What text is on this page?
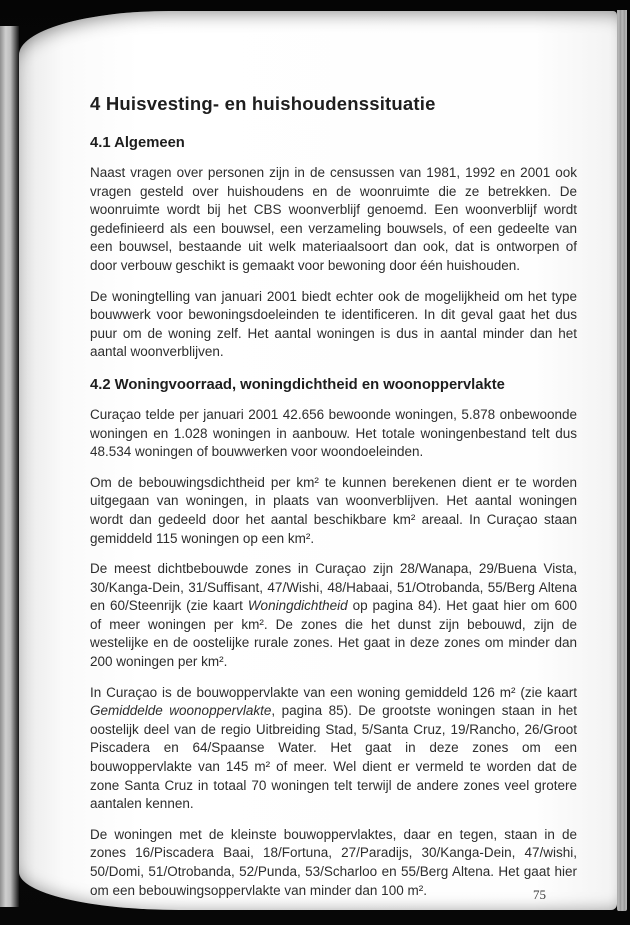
4 Huisvesting- en huishoudenssituatie
4.1 Algemeen

Naast vragen over personen zijn in de censussen van 1981, 1992 en 2001 ook vragen gesteld over huishoudens en de woonruimte die ze betrekken. De woonruimte wordt bij het CBS woonverblijf genoemd. Een woonverblijf wordt gedefinieerd als een bouwsel, een verzameling bouwsels, of een gedeelte van een bouwsel, bestaande uit welk materiaalsoort dan ook, dat is ontworpen of door verbouw geschikt is gemaakt voor bewoning door één huishouden.

De woningtelling van januari 2001 biedt echter ook de mogelijkheid om het type bouwwerk voor bewoningsdoeleinden te identificeren. In dit geval gaat het dus puur om de woning zelf. Het aantal woningen is dus in aantal minder dan het aantal woonverblijven.

4.2 Woningvoorraad, woningdichtheid en woonoppervlakte

Curaçao telde per januari 2001 42.656 bewoonde woningen, 5.878 onbewoonde woningen en 1.028 woningen in aanbouw. Het totale woningenbestand telt dus 48.534 woningen of bouwwerken voor woondoeleinden.

Om de bebouwingsdichtheid per km² te kunnen berekenen dient er te worden uitgegaan van woningen, in plaats van woonverblijven. Het aantal woningen wordt dan gedeeld door het aantal beschikbare km² areaal. In Curaçao staan gemiddeld 115 woningen op een km².

De meest dichtbebouwde zones in Curaçao zijn 28/Wanapa, 29/Buena Vista, 30/Kanga-Dein, 31/Suffisant, 47/Wishi, 48/Habaai, 51/Otrobanda, 55/Berg Altena en 60/Steenrijk (zie kaart Woningdichtheid op pagina 84). Het gaat hier om 600 of meer woningen per km². De zones die het dunst zijn bebouwd, zijn de westelijke en de oostelijke rurale zones. Het gaat in deze zones om minder dan 200 woningen per km².

In Curaçao is de bouwoppervlakte van een woning gemiddeld 126 m² (zie kaart Gemiddelde woonoppervlakte, pagina 85). De grootste woningen staan in het oostelijk deel van de regio Uitbreiding Stad, 5/Santa Cruz, 19/Rancho, 26/Groot Piscadera en 64/Spaanse Water. Het gaat in deze zones om een bouwoppervlakte van 145 m² of meer. Wel dient er vermeld te worden dat de zone Santa Cruz in totaal 70 woningen telt terwijl de andere zones veel grotere aantalen kennen.

De woningen met de kleinste bouwoppervlaktes, daar en tegen, staan in de zones 16/Piscadera Baai, 18/Fortuna, 27/Paradijs, 30/Kanga-Dein, 47/wishi, 50/Domi, 51/Otrobanda, 52/Punda, 53/Scharloo en 55/Berg Altena. Het gaat hier om een bebouwingsoppervlakte van minder dan 100 m².	75
